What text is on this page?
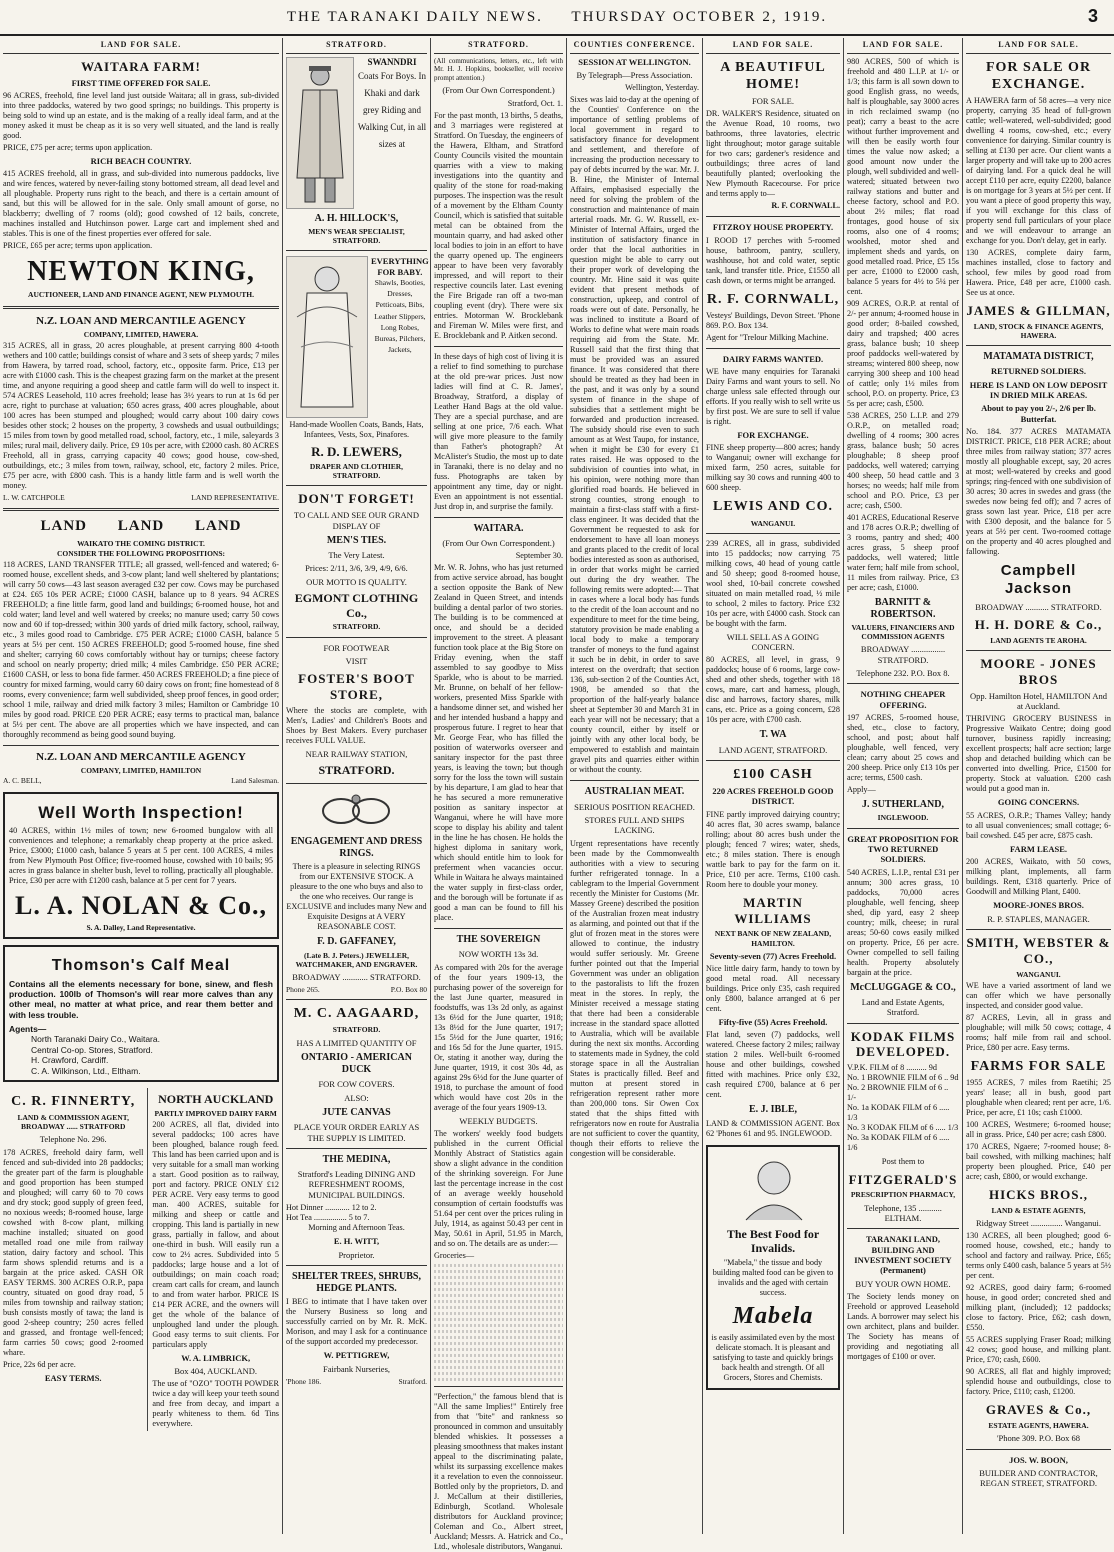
THE TARANAKI DAILY NEWS. THURSDAY OCTOBER 2, 1919.	3
LAND FOR SALE.
WAITARA FARM!
FIRST TIME OFFERED FOR SALE.
96 ACRES, freehold, fine level land just outside Waitara; all in grass, sub-divided into three paddocks, watered by two good springs; no buildings. This property is being sold to wind up an estate, and is the making of a really ideal farm, and at the money asked it must be cheap as it is so very well situated, and the land is really good.
PRICE, £75 per acre; terms upon application.
RICH BEACH COUNTRY.
415 ACRES freehold, all in grass, and sub-divided into numerous paddocks, live and wire fences, watered by never-failing stony bottomed stream, all dead level and all ploughable. Property runs right to the beach, and there is a certain amount of sand, but this will be allowed for in the sale. Only small amount of gorse, no blackberry; dwelling of 7 rooms (old); good cowshed of 12 bails, concrete, machines installed and Hutchinson power. Large cart and implement shed and stables. This is one of the finest properties ever offered for sale.
PRICE, £65 per acre; terms upon application.
NEWTON KING,
AUCTIONEER, LAND AND FINANCE AGENT, NEW PLYMOUTH.
N.Z. LOAN AND MERCANTILE AGENCY
COMPANY, LIMITED, HAWERA.
315 ACRES, all in grass, 20 acres ploughable, at present carrying 800 4-tooth wethers and 100 cattle; buildings consist of whare and 3 sets of sheep yards; 7 miles from Hawera, by tarred road, school, factory, etc., opposite farm. Price, £13 per acre with £1000 cash. This is the cheapest grazing farm on the market at the present time, and anyone requiring a good sheep and cattle farm will do well to inspect it. 574 ACRES Leasehold, 110 acres freehold; lease has 3½ years to run at 1s 6d per acre, right to purchase at valuation; 650 acres grass, 400 acres ploughable, about 100 acres has been stumped and ploughed; would carry about 100 dairy cows besides other stock; 2 houses on the property, 3 cowsheds and usual outbuildings; 15 miles from town by good metalled road, school, factory, etc., 1 mile, saleyards 3 miles; rural mail, delivery daily. Price, £9 10s per acre, with £2000 cash. 80 ACRES Freehold, all in grass, carrying capacity 40 cows; good house, cow-shed, outbuildings, etc.; 3 miles from town, railway, school, etc, factory 2 miles. Price, £75 per acre, with £800 cash. This is a handy little farm and is well worth the money.
L. W. CATCHPOLE	LAND REPRESENTATIVE.
LAND LAND LAND
WAIKATO THE COMING DISTRICT.
CONSIDER THE FOLLOWING PROPOSITIONS:
118 ACRES, LAND TRANSFER TITLE; all grassed, well-fenced and watered; 6-roomed house, excellent sheds, and 3-cow plant; land well sheltered by plantations; will carry 50 cows—43 last season averaged £32 per cow. Cows may be purchased at £24. £65 10s PER ACRE; £1000 CASH, balance up to 8 years. 94 ACRES FREEHOLD; a fine little farm, good land and buildings; 6-roomed house, hot and cold water; land level and well watered by creeks; no manure used; carry 50 cows now and 60 if top-dressed; within 300 yards of dried milk factory, school, railway, etc., 3 miles good road to Cambridge. £75 PER ACRE; £1000 CASH, balance 5 years at 5½ per cent. 150 ACRES FREEHOLD; good 5-roomed house, fine shed and shelter; carrying 60 cows comfortably without hay or turnips; cheese factory and school on nearly property; dried milk; 4 miles Cambridge. £50 PER ACRE; £1600 CASH, or less to bona fide farmer. 450 ACRES FREEHOLD; a fine piece of country for mixed farming, would carry 60 dairy cows on front; fine homestead of 8 rooms, every convenience; farm well subdivided, sheep proof fences, in good order; school 1 mile, railway and dried milk factory 3 miles; Hamilton or Cambridge 10 miles by good road. PRICE £20 PER ACRE; easy terms to practical man, balance at 5½ per cent. The above are all properties which we have inspected, and can thoroughly recommend as being good sound buying.
N.Z. LOAN AND MERCANTILE AGENCY
COMPANY, LIMITED, HAMILTON
A. C. BELL,	Land Salesman.
Well Worth Inspection!
40 ACRES, within 1½ miles of town; new 6-roomed bungalow with all conveniences and telephone; a remarkably cheap property at the price asked. Price, £3000; £1000 cash, balance 5 years at 5 per cent. 100 ACRES, 4 miles from New Plymouth Post Office; five-roomed house, cowshed with 10 bails; 95 acres in grass balance in shelter bush, level to rolling, practically all ploughable. Price, £30 per acre with £1200 cash, balance at 5 per cent for 7 years.
L. A. NOLAN & Co.,
S. A. Dalley, Land Representative.
Thomson's Calf Meal
Contains all the elements necessary for bone, sinew, and flesh production. 100lb of Thomson's will rear more calves than any other meal, no matter at what price, and rear them better and with less trouble.
Agents—
North Taranaki Dairy Co., Waitara.
Central Co-op. Stores, Stratford.
H. Crawford, Cardiff.
C. A. Wilkinson, Ltd., Eltham.
C. R. FINNERTY,
LAND & COMMISSION AGENT, BROADWAY ...... STRATFORD
Telephone No. 296.
178 ACRES, freehold dairy farm, well fenced and sub-divided into 28 paddocks; the greater part of the farm is ploughable and good proportion has been stumped and ploughed; will carry 60 to 70 cows and dry stock; good supply of green feed, no noxious weeds; 8-roomed house, large cowshed with 8-cow plant, milking machine installed; situated on good metalled road one mile from railway station, dairy factory and school. This farm shows splendid returns and is a bargain at the price asked. CASH OR EASY TERMS. 300 ACRES O.R.P., papa country, situated on good dray road, 5 miles from township and railway station; bush consists mostly of tawa; the land is good 2-sheep country; 250 acres felled and grassed, and frontage well-fenced; farm carries 50 cows; good 2-roomed whare.
Price, 22s 6d per acre.
EASY TERMS.
NORTH AUCKLAND
PARTLY IMPROVED DAIRY FARM
200 ACRES, all flat, divided into several paddocks; 100 acres have been ploughed, balance rough feed. This land has been carried upon and is very suitable for a small man working a start. Good position as to railway, port and factory. PRICE ONLY £12 PER ACRE. Very easy terms to good man. 400 ACRES, suitable for milking and sheep or cattle and cropping. This land is partially in new grass, partially in fallow, and about one-third in bush. Will easily run a cow to 2½ acres. Subdivided into 5 paddocks; large house and a lot of outbuildings; on main coach road; cream cart calls for cream, and launch to and from water harbor. PRICE IS £14 PER ACRE, and the owners will get the whole of the balance of unploughed land under the plough. Good easy terms to suit clients. For particulars apply
W. A. LIMBRICK,
Box 404, AUCKLAND.
The use of "OZO" TOOTH POWDER twice a day will keep your teeth sound and free from decay, and impart a pearly whiteness to them. 6d Tins everywhere.
STRATFORD.
SWANNDRI
Coats For Boys. In Khaki and dark grey Riding and Walking Cut, in all sizes at
A. H. HILLOCK'S,
MEN'S WEAR SPECIALIST, STRATFORD.
EVERYTHING FOR BABY.
Shawls, Booties, Dresses, Petticoats, Bibs, Leather Slippers, Long Robes, Bureas, Pilchers, Jackets,
Hand-made Woollen Coats, Bands, Hats, Infantees, Vests, Sox, Pinafores.
R. D. LEWERS,
DRAPER AND CLOTHIER, STRATFORD.
DON'T FORGET!
TO CALL AND SEE OUR GRAND DISPLAY OF
MEN'S TIES.
The Very Latest.
Prices: 2/11, 3/6, 3/9, 4/9, 6/6.
OUR MOTTO IS QUALITY.
EGMONT CLOTHING Co.,
STRATFORD.
FOR FOOTWEAR
VISIT
FOSTER'S BOOT STORE,
Where the stocks are complete, with Men's, Ladies' and Children's Boots and Shoes by Best Makers. Every purchaser receives FULL VALUE.
NEAR RAILWAY STATION,
STRATFORD.
ENGAGEMENT AND DRESS RINGS.
There is a pleasure in selecting RINGS from our EXTENSIVE STOCK. A pleasure to the one who buys and also to the one who receives. Our range is EXCLUSIVE and includes many New and Exquisite Designs at A VERY REASONABLE COST.
F. D. GAFFANEY,
(Late B. J. Peters.) JEWELLER, WATCHMAKER, AND ENGRAVER.
BROADWAY ............ STRATFORD.
Phone 265.	P.O. Box 80
M. C. AAGAARD,
STRATFORD.
HAS A LIMITED QUANTITY OF
ONTARIO - AMERICAN DUCK
FOR COW COVERS.
ALSO:
JUTE CANVAS
PLACE YOUR ORDER EARLY AS THE SUPPLY IS LIMITED.
THE MEDINA,
Stratford's Leading DINING AND REFRESHMENT ROOMS, MUNICIPAL BUILDINGS.
Hot Dinner ............ 12 to 2.
Hot Tea ................ 5 to 7.
Morning and Afternoon Teas.
E. H. WITT,
Proprietor.
SHELTER TREES, SHRUBS, HEDGE PLANTS.
I BEG to intimate that I have taken over the Nursery Business so long and successfully carried on by Mr. R. McK. Morison, and may I ask for a continuance of the support accorded my predecessor.
W. PETTIGREW,
Fairbank Nurseries,
'Phone 186.	Stratford.
STRATFORD.
(All communications, letters, etc., left with Mr. H. J. Hopkins, bookseller, will receive prompt attention.)
(From Our Own Correspondent.)
Stratford, Oct. 1.
For the past month, 13 births, 5 deaths, and 3 marriages were registered at Stratford. On Tuesday, the engineers of the Hawera, Eltham, and Stratford County Councils visited the mountain quarries with a view to making investigations into the quantity and quality of the stone for road-making purposes. The inspection was the result of a movement by the Eltham County Council, which is satisfied that suitable metal can be obtained from the mountain quarry, and had asked other local bodies to join in an effort to have the quarry opened up. The engineers appear to have been very favorably impressed, and will report to their respective councils later. Last evening the Fire Brigade ran off a two-man coupling event (dry). There were six entries. Motorman W. Brocklebank and Fireman W. Miles were first, and E. Brocklebank and P. Aitken second.
In these days of high cost of living it is a relief to find something to purchase at the old pre-war prices. Just now ladies will find at C. R. James', Broadway, Stratford, a display of Leather Hand Bags at the old value. They are a special purchase, and are selling at one price, 7/6 each. What will give more pleasure to the family than Father's photograph? At McAlister's Studio, the most up to date in Taranaki, there is no delay and no fuss. Photographs are taken by appointment any time, day or night. Even an appointment is not essential. Just drop in, and surprise the family.
WAITARA.
(From Our Own Correspondent.)
September 30.
Mr. W. R. Johns, who has just returned from active service abroad, has bought a section opposite the Bank of New Zealand in Queen Street, and intends building a dental parlor of two stories. The building is to be commenced at once, and should be a decided improvement to the street. A pleasant function took place at the Big Store on Friday evening, when the staff assembled to say goodbye to Miss Sparkle, who is about to be married. Mr. Brunne, on behalf of her fellow-workers, presented Miss Sparkle with a handsome dinner set, and wished her and her intended husband a happy and prosperous future. I regret to hear that Mr. George Fear, who has filled the position of waterworks overseer and sanitary inspector for the past three years, is leaving the town; but though sorry for the loss the town will sustain by his departure, I am glad to hear that he has secured a more remunerative position as sanitary inspector at Wanganui, where he will have more scope to display his ability and talent in the line he has chosen. He holds the highest diploma in sanitary work, which should entitle him to look for preferment when vacancies occur. While in Waitara he always maintained the water supply in first-class order, and the borough will be fortunate if as good a man can be found to fill his place.
THE SOVEREIGN
NOW WORTH 13s 3d.
As compared with 20s for the average of the four years 1909-13, the purchasing power of the sovereign for the last June quarter, measured in foodstuffs, was 13s 2d only, as against 13s 6½d for the June quarter, 1918; 13s 8½d for the June quarter, 1917; 15s 5½d for the June quarter, 1916; and 16s 5d for the June quarter, 1915. Or, stating it another way, during the June quarter, 1919, it cost 30s 4d, as against 29s 6½d for the June quarter of 1918, to purchase the amount of food which would have cost 20s in the average of the four years 1909-13.
WEEKLY BUDGETS.
The workers' weekly food budgets published in the current Official Monthly Abstract of Statistics again show a slight advance in the condition of the shrinking sovereign. For June last the percentage increase in the cost of an average weekly household consumption of certain foodstuffs was 51.64 per cent over the prices ruling in July, 1914, as against 50.43 per cent in May, 50.61 in April, 51.95 in March, and so on. The details are as under:—
Groceries—
"Perfection," the famous blend that is "All the same Implies!" Entirely free from that "bite" and rankness so pronounced in common and unsuitably blended whiskies. It possesses a pleasing smoothness that makes instant appeal to the discriminating palate, whilst its surpassing excellence makes it a revelation to even the connoisseur. Bottled only by the proprietors, D. and J. McCallum at their distilleries, Edinburgh, Scotland. Wholesale distributors for Auckland province; Coleman and Co., Albert street, Auckland; Messrs. A. Hatrick and Co., Ltd., wholesale distributors, Wanganui.
COUNTIES CONFERENCE.
SESSION AT WELLINGTON.
By Telegraph—Press Association.
Wellington, Yesterday.
Sixes was laid to-day at the opening of the Counties' Conference on the importance of settling problems of local government in regard to satisfactory finance for development and settlement, and therefore of increasing the production necessary to pay of debts incurred by the war. Mr. J. B. Hine, the Minister of Internal Affairs, emphasised especially the need for solving the problem of the construction and maintenance of main arterial roads. Mr. G. W. Russell, ex-Minister of Internal Affairs, urged the institution of satisfactory finance in order that the local authorities in question might be able to carry out their proper work of developing the country. Mr. Hine said it was quite evident that present methods of construction, upkeep, and control of roads were out of date. Personally, he was inclined to institute a Board of Works to define what were main roads requiring aid from the State. Mr. Russell said that the first thing that must be provided was an assured finance. It was considered that there should be treated as they had been in the past, and it was only by a sound system of finance in the shape of subsidies that a settlement might be forwarded and production increased. The subsidy should rise even to such amount as at West Taupo, for instance, when it might be £30 for every £1 rates raised. He was opposed to the subdivision of counties into what, in his opinion, were nothing more than glorified road boards. He believed in strong counties, strong enough to maintain a first-class staff with a first-class engineer. It was decided that the Government be requested to ask for endorsement to have all loan moneys and grants placed to the credit of local bodies interested as soon as authorised, in order that works might be carried out during the dry weather. The following remits were adopted:— That in cases where a local body has funds to the credit of the loan account and no expenditure to meet for the time being, statutory provision be made enabling a local body to make a temporary transfer of moneys to the fund against it such be in debit, in order to save interest on the overdraft; that section 136, sub-section 2 of the Counties Act, 1908, be amended so that the proportion of the half-yearly balance sheet at September 30 and March 31 in each year will not be necessary; that a county council, either by itself or jointly with any other local body, be empowered to establish and maintain gravel pits and quarries either within or without the county.
AUSTRALIAN MEAT.
SERIOUS POSITION REACHED.
STORES FULL AND SHIPS LACKING.
Urgent representations have recently been made by the Commonwealth authorities with a view to securing further refrigerated tonnage. In a cablegram to the Imperial Government recently the Minister for Customs (Mr. Massey Greene) described the position of the Australian frozen meat industry as alarming, and pointed out that if the glut of frozen meat in the stores were allowed to continue, the industry would suffer seriously. Mr. Greene further pointed out that the Imperial Government was under an obligation to the pastoralists to lift the frozen meat in the stores. In reply, the Minister received a message stating that there had been a considerable increase in the standard space allotted to Australia, which will be available during the next six months. According to statements made in Sydney, the cold storage space in all the Australian States is practically filled. Beef and mutton at present stored in refrigeration represent rather more than 200,000 tons. Sir Owen Cox stated that the ships fitted with refrigerators now en route for Australia are not sufficient to cover the quantity, though their efforts to relieve the congestion will be considerable.
LAND FOR SALE.
A BEAUTIFUL HOME!
FOR SALE.
DR. WALKER'S Residence, situated on the Avenue Road, 10 rooms, two bathrooms, three lavatories, electric light throughout; motor garage suitable for two cars; gardener's residence and outbuildings; three acres of land beautifully planted; overlooking the New Plymouth Racecourse. For price and terms apply to—
R. F. CORNWALL.
FITZROY HOUSE PROPERTY.
I ROOD 17 perches with 5-roomed house, bathroom, pantry, scullery, washhouse, hot and cold water, septic tank, land transfer title. Price, £1550 all cash down, or terms might be arranged.
R. F. CORNWALL,
Vesteys' Buildings, Devon Street. 'Phone 869. P.O. Box 134.
Agent for "Trelour Milking Machine.
DAIRY FARMS WANTED.
WE have many enquiries for Taranaki Dairy Farms and want yours to sell. No charge unless sale effected through our efforts. If you really wish to sell write us by first post. We are sure to sell if value is right.
FOR EXCHANGE.
FINE sheep property—800 acres; handy to Wanganui; owner will exchange for mixed farm, 250 acres, suitable for milking say 30 cows and running 400 to 600 sheep.
LEWIS AND CO.
WANGANUI.
239 ACRES, all in grass, subdivided into 15 paddocks; now carrying 75 milking cows, 40 head of young cattle and 50 sheep; good 8-roomed house, wool shed, 10-bail concrete cowshed situated on main metalled road, ½ mile to school, 2 miles to factory. Price £32 10s per acre, with £4000 cash. Stock can be bought with the farm.
WILL SELL AS A GOING CONCERN.
80 ACRES, all level, in grass, 9 paddocks; house of 6 rooms, large cow-shed and other sheds, together with 18 cows, mare, cart and harness, plough, disc and harrows, factory shares, milk cans, etc. Price as a going concern, £28 10s per acre, with £700 cash.
T. WA
LAND AGENT, STRATFORD.
£100 CASH
220 ACRES FREEHOLD GOOD DISTRICT.
FINE partly improved dairying country; 40 acres flat, 30 acres swamp, balance rolling; about 80 acres bush under the plough; fenced 7 wires; water, sheds, etc.; 8 miles station. There is enough wattle bark to pay for the farm on it. Price, £10 per acre. Terms, £100 cash. Room here to double your money.
MARTIN WILLIAMS
NEXT BANK OF NEW ZEALAND, HAMILTON.
Seventy-seven (77) Acres Freehold.
Nice little dairy farm, handy to town by good metal road. All necessary buildings. Price only £35, cash required only £800, balance arranged at 6 per cent.
Fifty-five (55) Acres Freehold.
Flat land, seven (7) paddocks, well watered. Cheese factory 2 miles; railway station 2 miles. Well-built 6-roomed house and other buildings, cowshed fitted with machines. Price only £32, cash required £700, balance at 6 per cent.
E. J. IBLE,
LAND & COMMISSION AGENT. Box 62 'Phones 61 and 95. INGLEWOOD.
The Best Food for Invalids.
"Mabela," the tissue and body building malted food can be given to invalids and the aged with certain success.
Mabela
is easily assimilated even by the most delicate stomach. It is pleasant and satisfying to taste and quickly brings back health and strength. Of all Grocers, Stores and Chemists.
LAND FOR SALE.
980 ACRES, 500 of which is freehold and 480 L.I.P. at 1/- or 1/3; this farm is all sown down to good English grass, no weeds, half is ploughable, say 3000 acres in rich reclaimed swamp (no peat); carry a beast to the acre without further improvement and will then be easily worth four times the value now asked; a good amount now under the plough, well subdivided and well-watered; situated between two railway stations and butter and cheese factory, school and P.O. about 2½ miles; flat road frontages, good house of six rooms, also one of 4 rooms; woolshed, motor shed and implement sheds and yards, on good metalled road. Price, £5 15s per acre, £1000 to £2000 cash, balance 5 years for 4½ to 5¼ per cent.
909 ACRES, O.R.P. at rental of 2/- per annum; 4-roomed house in good order; 8-bailed cowshed, dairy and trapshed; 400 acres grass, balance bush; 10 sheep proof paddocks well-watered by streams; wintered 800 sheep, now carrying 300 sheep and 100 head of cattle; only 1½ miles from school, P.O. on property. Price, £3 5s per acre; cash, £500.
538 ACRES, 250 L.I.P. and 279 O.R.P., on metalled road; dwelling of 4 rooms; 300 acres grass, balance bush; 50 acres ploughable; 8 sheep proof paddocks, well watered; carrying 400 sheep, 50 head cattle and 3 horses; no weeds; half mile from school and P.O. Price, £3 per acre; cash, £500.
401 ACRES, Educational Reserve and 178 acres O.R.P.; dwelling of 3 rooms, pantry and shed; 400 acres grass, 5 sheep proof paddocks, well watered; little water fern; half mile from school, 11 miles from railway. Price, £3 per acre; cash, £1000.
BARNITT & ROBERTSON.
VALUERS, FINANCIERS AND COMMISSION AGENTS
BROADWAY ................ STRATFORD.
Telephone 232. P.O. Box 8.
NOTHING CHEAPER OFFERING.
197 ACRES, 5-roomed house, shed, etc., close to factory, school, and post; about half ploughable, well fenced, very clean; carry about 25 cows and 200 sheep. Price only £13 10s per acre; terms, £500 cash.
Apply—
J. SUTHERLAND,
INGLEWOOD.
GREAT PROPOSITION FOR TWO RETURNED SOLDIERS.
540 ACRES, L.I.P., rental £31 per annum; 300 acres grass, 10 paddocks, 70,000 acres ploughable, well fencing, sheep shed, dip yard, easy 2 sheep country; milk, cheese; in rural areas; 50-60 cows easily milked on property. Price, £6 per acre. Owner compelled to sell failing health. Property absolutely bargain at the price.
McCLUGGAGE & CO.,
Land and Estate Agents, Stratford.
KODAK FILMS DEVELOPED.
V.P.K. FILM of 8 .......... 9d
No. 1 BROWNIE FILM of 6 .. 9d
No. 2 BROWNIE FILM of 6 .. 1/-
No. 1a KODAK FILM of 6 ..... 1/3
No. 3 KODAK FILM of 6 ..... 1/3
No. 3a KODAK FILM of 6 ..... 1/6
Post them to
FITZGERALD'S
PRESCRIPTION PHARMACY,
Telephone, 135 ........... ELTHAM.
TARANAKI LAND, BUILDING AND INVESTMENT SOCIETY (Permanent)
BUY YOUR OWN HOME.
The Society lends money on Freehold or approved Leasehold Lands. A borrower may select his own architect, plans and builder. The Society has means of providing and negotiating all mortgages of £100 or over.
LAND FOR SALE.
FOR SALE OR EXCHANGE.
A HAWERA farm of 58 acres—a very nice property, carrying 35 head of full-grown cattle; well-watered, well-subdivided; good dwelling 4 rooms, cow-shed, etc.; every convenience for dairying. Similar country is selling at £130 per acre. Our client wants a larger property and will take up to 200 acres of dairying land. For a quick deal he will accept £110 per acre, equity £2200, balance is on mortgage for 3 years at 5½ per cent. If you want a piece of good property this way, if you will exchange for this class of property send full particulars of your place and we will endeavour to arrange an exchange for you. Don't delay, get in early.
130 ACRES, complete dairy farm, machines installed, close to factory and school, few miles by good road from Hawera. Price, £48 per acre, £1000 cash. See us at once.
JAMES & GILLMAN,
LAND, STOCK & FINANCE AGENTS, HAWERA.
MATAMATA DISTRICT,
RETURNED SOLDIERS.
HERE IS LAND ON LOW DEPOSIT IN DRIED MILK AREAS.
About to pay you 2/-, 2/6 per lb. Butterfat.
No. 184. 377 ACRES MATAMATA DISTRICT. PRICE, £18 PER ACRE; about three miles from railway station; 377 acres mostly all ploughable except, say, 20 acres at most; well-watered by creeks and good springs; ring-fenced with one subdivision of 30 acres; 30 acres in swedes and grass (the swedes now being fed off); and 7 acres of grass sown last year. Price, £18 per acre with £300 deposit, and the balance for 5 years at 5½ per cent. Two-roomed cottage on the property and 40 acres ploughed and fallowing.
Campbell Jackson
BROADWAY ........... STRATFORD.
H. H. DORE & Co.,
LAND AGENTS TE AROHA.
MOORE - JONES BROS
Opp. Hamilton Hotel, HAMILTON And at Auckland.
THRIVING GROCERY BUSINESS in Progressive Waikato Centre; doing good turnover, business rapidly increasing; excellent prospects; half acre section; large shop and detached building which can be converted into dwelling. Price, £1500 for property. Stock at valuation. £200 cash would put a good man in.
GOING CONCERNS.
55 ACRES, O.R.P.; Thames Valley; handy to all usual conveniences; small cottage; 6-bail cowshed. £45 per acre, £875 cash.
FARM LEASE.
200 ACRES, Waikato, with 50 cows, milking plant, implements, all farm buildings. Rent, £318 quarterly. Price of Goodwill and Milking Plant, £400.
MOORE-JONES BROS.
R. P. STAPLES, MANAGER.
SMITH, WEBSTER & CO.,
WANGANUI.
WE have a varied assortment of land we can offer which we have personally inspected, and consider good value.
87 ACRES, Levin, all in grass and ploughable; will milk 50 cows; cottage, 4 rooms; half mile from rail and school. Price, £80 per acre. Easy terms.
FARMS FOR SALE
1955 ACRES, 7 miles from Raetihi; 25 years' lease; all in bush, good part ploughable when cleared; rent per acre, 1/6. Price, per acre, £1 10s; cash £1000.
100 ACRES, Westmere; 6-roomed house; all in grass. Price, £40 per acre; cash £800.
170 ACRES, Ngaere; 7-roomed house; 8-bail cowshed, with milking machines; half property been ploughed. Price, £40 per acre; cash, £800, or would exchange.
HICKS BROS.,
LAND & ESTATE AGENTS,
Ridgway Street ............... Wanganui.
130 ACRES, all been ploughed; good 6-roomed house, cowshed, etc.; handy to school and factory and railway. Price, £65; terms only £400 cash, balance 5 years at 5½ per cent.
92 ACRES, good dairy farm; 6-roomed house, in good order; concreted shed and milking plant, (included); 12 paddocks; close to factory. Price, £62; cash down, £550.
55 ACRES supplying Fraser Road; milking 42 cows; good house, and milking plant. Price, £70; cash, £600.
90 ACRES, all flat and highly improved; splendid house and outbuildings, close to factory. Price, £110; cash, £1200.
GRAVES & Co.,
ESTATE AGENTS, HAWERA.
'Phone 309. P.O. Box 68
JOS. W. BOON,
BUILDER AND CONTRACTOR, REGAN STREET, STRATFORD.
